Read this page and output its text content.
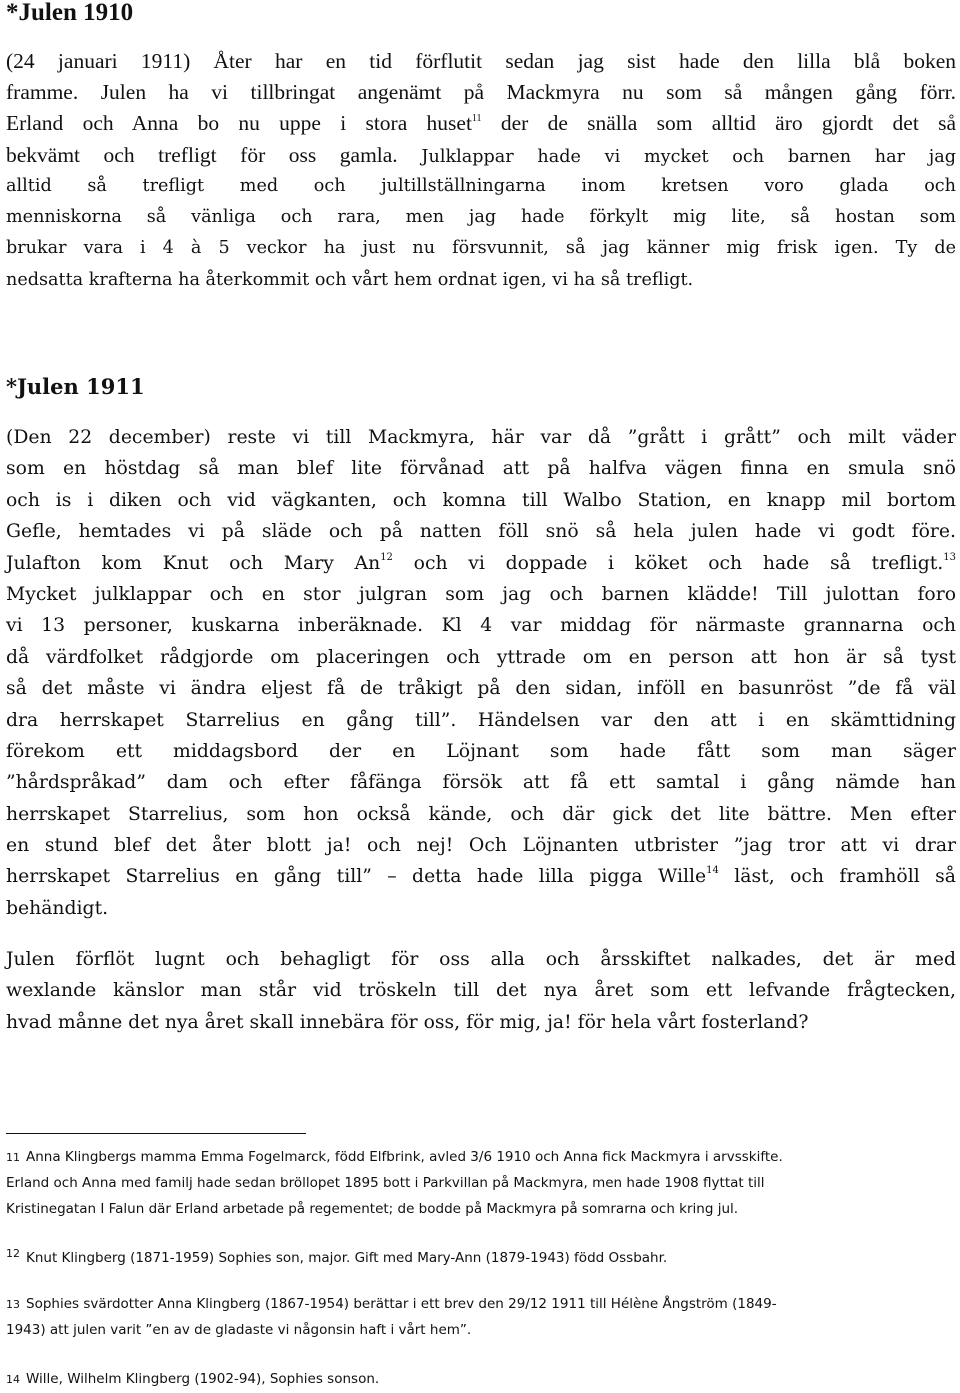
*Julen 1910
(24 januari 1911) Åter har en tid förflutit sedan jag sist hade den lilla blå boken
framme. Julen ha vi tillbringat angenämt på Mackmyra nu som så mången gång förr.
Erland och Anna bo nu uppe i stora huset$^{11}$ der de snälla som alltid äro gjordt det så
bekvämt och trefligt för oss gamla. Julklappar hade vi mycket och barnen har jag
alltid så trefligt med och jultillställningarna inom kretsen voro glada och
menniskorna så vänliga och rara, men jag hade förkylt mig lite, så hostan som
brukar vara i 4 à 5 veckor ha just nu försvunnit, så jag känner mig frisk igen. Ty de
nedsatta krafterna ha återkommit och vårt hem ordnat igen, vi ha så trefligt.
*Julen 1911
(Den 22 december) reste vi till Mackmyra, här var då ”grått i grått” och milt väder
som en höstdag så man blef lite förvånad att på halfva vägen finna en smula snö
och is i diken och vid vägkanten, och komna till Walbo Station, en knapp mil bortom
Gefle, hemtades vi på släde och på natten föll snö så hela julen hade vi godt före.
Julafton kom Knut och Mary An$^{12}$ och vi doppade i köket och hade så trefligt.$^{13}$
Mycket julklappar och en stor julgran som jag och barnen klädde! Till julottan foro
vi 13 personer, kuskarna inberäknade. Kl 4 var middag för närmaste grannarna och
då värdfolket rådgjorde om placeringen och yttrade om en person att hon är så tyst
så det måste vi ändra eljest få de tråkigt på den sidan, inföll en basunröst ”de få väl
dra herrskapet Starrelius en gång till”. Händelsen var den att i en skämttidning
förekom ett middagsbord der en Löjnant som hade fått som man säger
”hårdspråkad” dam och efter fåfänga försök att få ett samtal i gång nämde han
herrskapet Starrelius, som hon också kände, och där gick det lite bättre. Men efter
en stund blef det åter blott ja! och nej! Och Löjnanten utbrister ”jag tror att vi drar
herrskapet Starrelius en gång till” – detta hade lilla pigga Wille$^{14}$ läst, och framhöll så
behändigt.
Julen förflöt lugnt och behagligt för oss alla och årsskiftet nalkades, det är med
wexlande känslor man står vid tröskeln till det nya året som ett lefvande frågtecken,
hvad månne det nya året skall innebära för oss, för mig, ja! för hela vårt fosterland?
11 Anna Klingbergs mamma Emma Fogelmarck, född Elfbrink, avled 3/6 1910 och Anna fick Mackmyra i arvsskifte.
Erland och Anna med familj hade sedan bröllopet 1895 bott i Parkvillan på Mackmyra, men hade 1908 flyttat till
Kristinegatan I Falun där Erland arbetade på regementet; de bodde på Mackmyra på somrarna och kring jul.
$^{12}$ Knut Klingberg (1871-1959) Sophies son, major. Gift med Mary-Ann (1879-1943) född Ossbahr.
13 Sophies svärdotter Anna Klingberg (1867-1954) berättar i ett brev den 29/12 1911 till Hélène Ångström (1849-
1943) att julen varit ”en av de gladaste vi någonsin haft i vårt hem”.
14 Wille, Wilhelm Klingberg (1902-94), Sophies sonson.
